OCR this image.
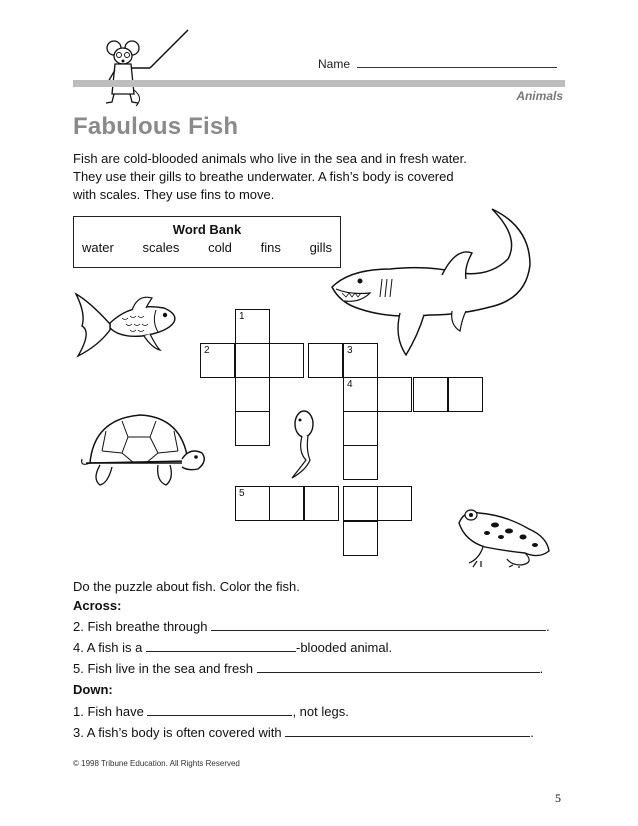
Name
Animals
Fabulous Fish
Fish are cold-blooded animals who live in the sea and in fresh water.
They use their gills to breathe underwater. A fish’s body is covered
with scales. They use fins to move.
Word Bank
water scales cold fins gills
1
5
2	3
4
Do the puzzle about fish. Color the fish.
Across:
2. Fish breathe through	.
4. A fish is a	-blooded animal.
5. Fish live in the sea and fresh	.
Down:
1. Fish have	, not legs.
3. A fish’s body is often covered with	.
© 1998 Tribune Education. All Rights Reserved
5
